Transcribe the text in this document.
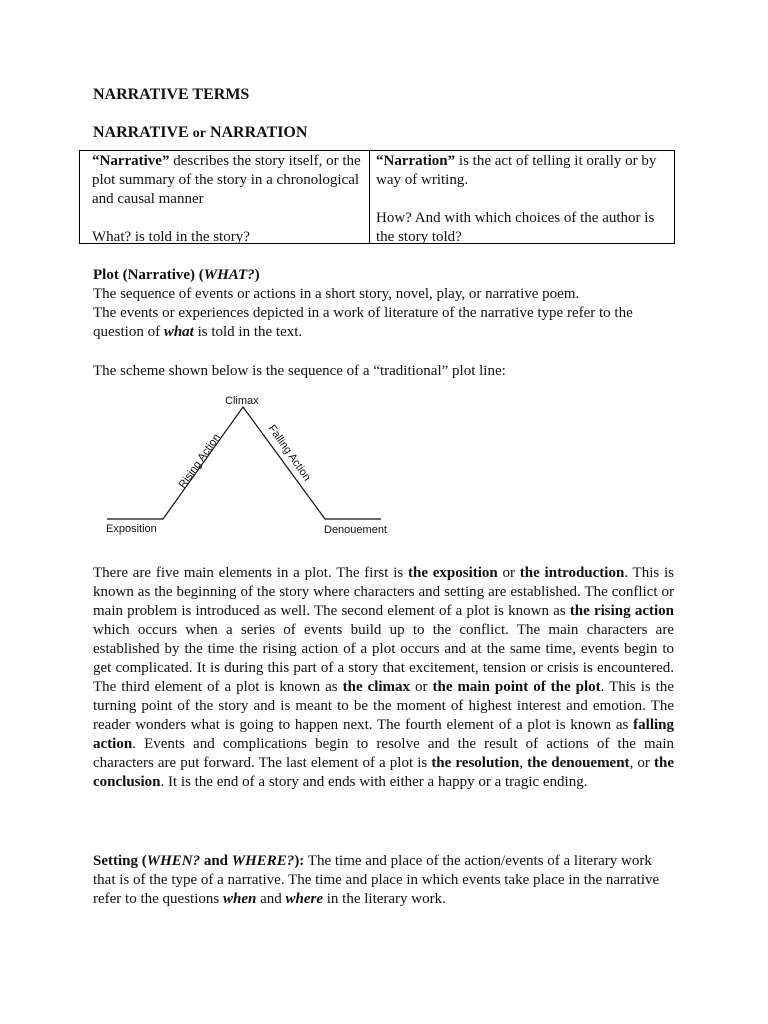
NARRATIVE TERMS
NARRATIVE or NARRATION

“Narrative” describes the story itself, or the plot summary of the story in a chronological and causal manner

What? is told in the story?

“Narration” is the act of telling it orally or by way of writing.

How? And with which choices of the author is the story told?

Plot (Narrative) (WHAT?)

The sequence of events or actions in a short story, novel, play, or narrative poem.

The events or experiences depicted in a work of literature of the narrative type refer to the question of what is told in the text.

The scheme shown below is the sequence of a “traditional” plot line:
Climax
Rising Action	Falling Action
Exposition	Denouement
There are five main elements in a plot. The first is the exposition or the introduction. This is known as the beginning of the story where characters and setting are established. The conflict or main problem is introduced as well. The second element of a plot is known as the rising action which occurs when a series of events build up to the conflict. The main characters are established by the time the rising action of a plot occurs and at the same time, events begin to get complicated. It is during this part of a story that excitement, tension or crisis is encountered. The third element of a plot is known as the climax or the main point of the plot. This is the turning point of the story and is meant to be the moment of highest interest and emotion. The reader wonders what is going to happen next. The fourth element of a plot is known as falling action. Events and complications begin to resolve and the result of actions of the main characters are put forward. The last element of a plot is the resolution, the denouement, or the conclusion. It is the end of a story and ends with either a happy or a tragic ending.
Setting (WHEN? and WHERE?): The time and place of the action/events of a literary work that is of the type of a narrative. The time and place in which events take place in the narrative refer to the questions when and where in the literary work.
